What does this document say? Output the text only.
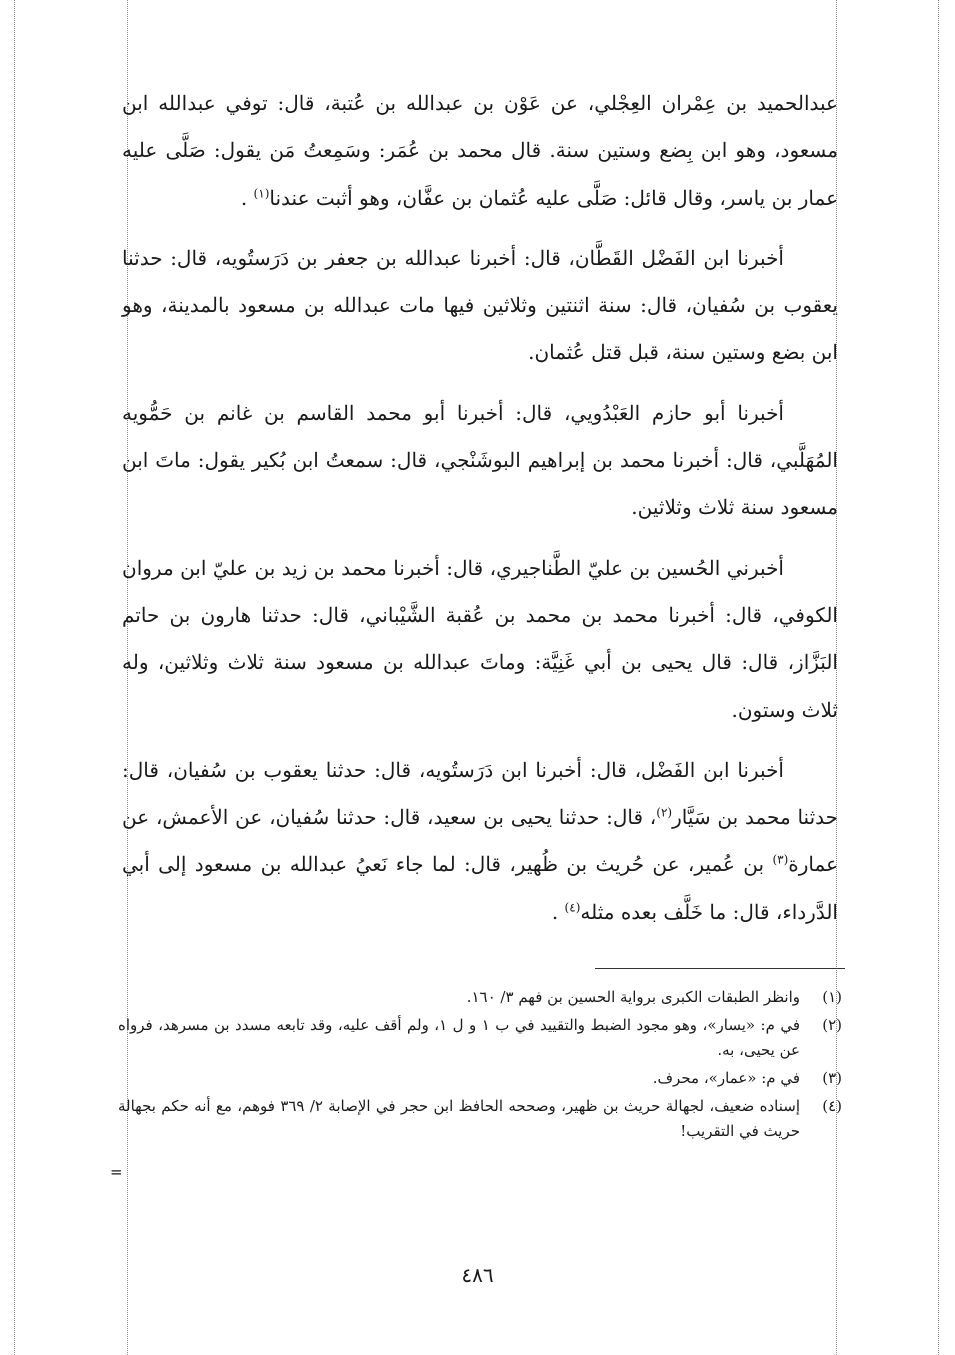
عبدالحميد بن عِمْران العِجْلي، عن عَوْن بن عبدالله بن عُتبة، قال: توفي عبدالله ابن مسعود، وهو ابن بِضع وستين سنة. قال محمد بن عُمَر: وسَمِعتُ مَن يقول: صَلَّى عليه عمار بن ياسر، وقال قائل: صَلَّى عليه عُثمان بن عفَّان، وهو أثبت عندنا$^{(١)}$ .

أخبرنا ابن الفَضْل القَطَّان، قال: أخبرنا عبدالله بن جعفر بن دَرَستُويه، قال: حدثنا يعقوب بن سُفيان، قال: سنة اثنتين وثلاثين فيها مات عبدالله بن مسعود بالمدينة، وهو ابن بضع وستين سنة، قبل قتل عُثمان.

أخبرنا أبو حازم العَبْدُويي، قال: أخبرنا أبو محمد القاسم بن غانم بن حَمُّويه المُهَلَّبي، قال: أخبرنا محمد بن إبراهيم البوشَنْجي، قال: سمعتُ ابن بُكير يقول: ماتَ ابن مسعود سنة ثلاث وثلاثين.

أخبرني الحُسين بن عليّ الطَّناجيري، قال: أخبرنا محمد بن زيد بن عليّ ابن مروان الكوفي، قال: أخبرنا محمد بن محمد بن عُقبة الشَّيْباني، قال: حدثنا هارون بن حاتم البَزَّاز، قال: قال يحيى بن أبي غَنِيَّة: وماتَ عبدالله بن مسعود سنة ثلاث وثلاثين، وله ثلاث وستون.

أخبرنا ابن الفَضْل، قال: أخبرنا ابن دَرَستُويه، قال: حدثنا يعقوب بن سُفيان، قال: حدثنا محمد بن سَيَّار$^{(٢)}$، قال: حدثنا يحيى بن سعيد، قال: حدثنا سُفيان، عن الأعمش، عن عمارة$^{(٣)}$ بن عُمير، عن حُريث بن ظُهير، قال: لما جاء نَعيُ عبدالله بن مسعود إلى أبي الدَّرداء، قال: ما خَلَّف بعده مثله$^{(٤)}$ .

(١)
وانظر الطبقات الكبرى برواية الحسين بن فهم ٣/ ١٦٠.
(٢)
في م: «يسار»، وهو مجود الضبط والتقييد في ب ١ و ل ١، ولم أقف عليه، وقد تابعه مسدد بن مسرهد، فرواه عن يحيى، به.
(٣)
في م: «عمار»، محرف.
(٤)
إسناده ضعيف، لجهالة حريث بن ظهير، وصححه الحافظ ابن حجر في الإصابة ٢/ ٣٦٩ فوهم، مع أنه حكم بجهالة حريث في التقريب!
=
٤٨٦
